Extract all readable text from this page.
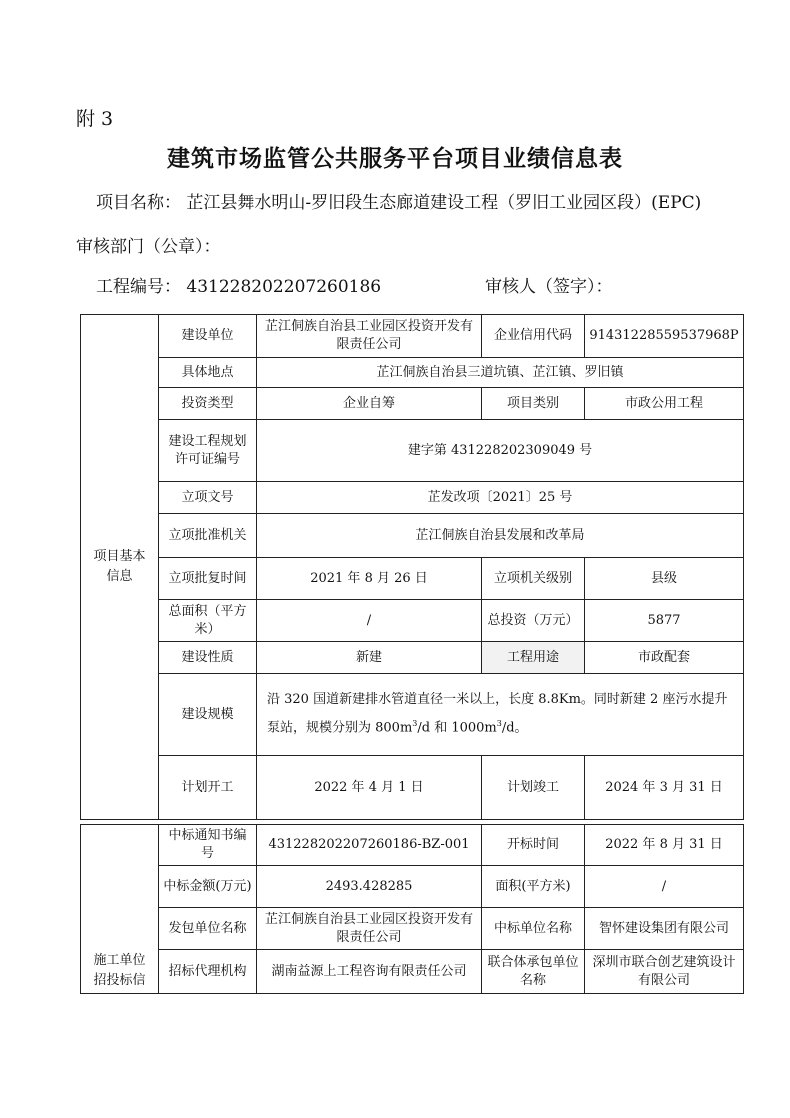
附 3
建筑市场监管公共服务平台项目业绩信息表
项目名称： 芷江县舞水明山-罗旧段生态廊道建设工程（罗旧工业园区段）(EPC)
审核部门（公章）：
工程编号： 431228202207260186	审核人（签字）：
项目基本信息	建设单位	芷江侗族自治县工业园区投资开发有限责任公司	企业信用代码	91431228559537968P
	具体地点	芷江侗族自治县三道坑镇、芷江镇、罗旧镇		
	投资类型	企业自筹	项目类别	市政公用工程
	建设工程规划许可证编号	建字第 431228202309049 号		
	立项文号	芷发改项〔2021〕25 号		
	立项批准机关	芷江侗族自治县发展和改革局		
	立项批复时间	2021 年 8 月 26 日	立项机关级别	县级
	总面积（平方米）	/	总投资（万元）	5877
	建设性质	新建	工程用途	市政配套
	建设规模	沿 320 国道新建排水管道直径一米以上，长度 8.8Km。同时新建 2 座污水提升泵站，规模分别为 $800m^3/d$ 和 $1000m^3/d$。		
	计划开工	2022 年 4 月 1 日	计划竣工	2024 年 3 月 31 日
施工单位招投标信	中标通知书编号	431228202207260186-BZ-001	开标时间	2022 年 8 月 31 日
	中标金额(万元)	2493.428285	面积(平方米)	/
	发包单位名称	芷江侗族自治县工业园区投资开发有限责任公司	中标单位名称	智怀建设集团有限公司
	招标代理机构	湖南益源上工程咨询有限责任公司	联合体承包单位名称	深圳市联合创艺建筑设计有限公司
